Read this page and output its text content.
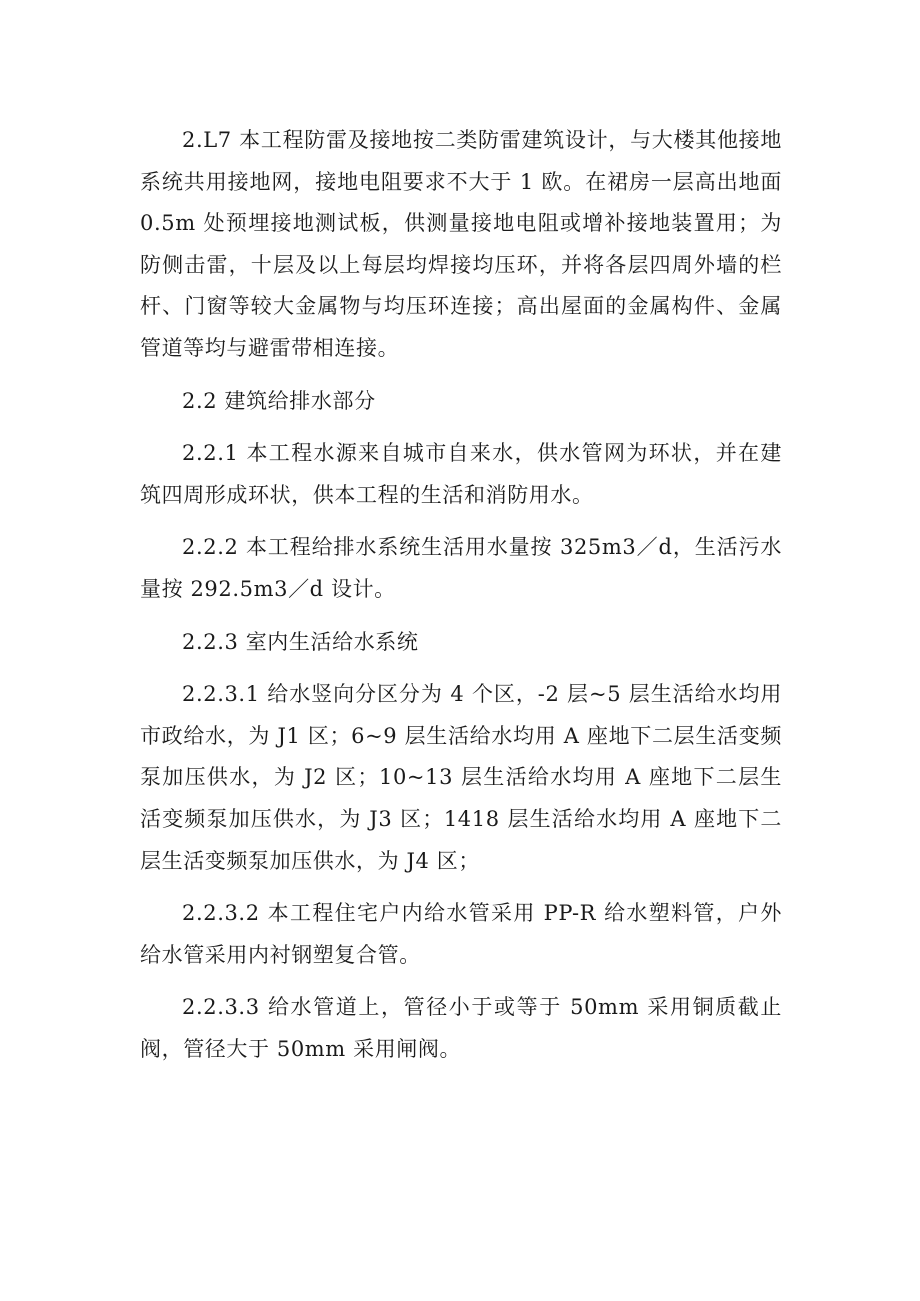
2.L7 本工程防雷及接地按二类防雷建筑设计，与大楼其他接地系统共用接地网，接地电阻要求不大于 1 欧。在裙房一层高出地面 0.5m 处预埋接地测试板，供测量接地电阻或增补接地装置用；为防侧击雷，十层及以上每层均焊接均压环，并将各层四周外墙的栏杆、门窗等较大金属物与均压环连接；高出屋面的金属构件、金属管道等均与避雷带相连接。

2.2 建筑给排水部分

2.2.1 本工程水源来自城市自来水，供水管网为环状，并在建筑四周形成环状，供本工程的生活和消防用水。

2.2.2 本工程给排水系统生活用水量按 325m3／d，生活污水量按 292.5m3／d 设计。

2.2.3 室内生活给水系统

2.2.3.1 给水竖向分区分为 4 个区，-2 层~5 层生活给水均用市政给水，为 J1 区；6~9 层生活给水均用 A 座地下二层生活变频泵加压供水，为 J2 区；10~13 层生活给水均用 A 座地下二层生活变频泵加压供水，为 J3 区；1418 层生活给水均用 A 座地下二层生活变频泵加压供水，为 J4 区；

2.2.3.2 本工程住宅户内给水管采用 PP-R 给水塑料管，户外给水管采用内衬钢塑复合管。

2.2.3.3 给水管道上，管径小于或等于 50mm 采用铜质截止阀，管径大于 50mm 采用闸阀。
